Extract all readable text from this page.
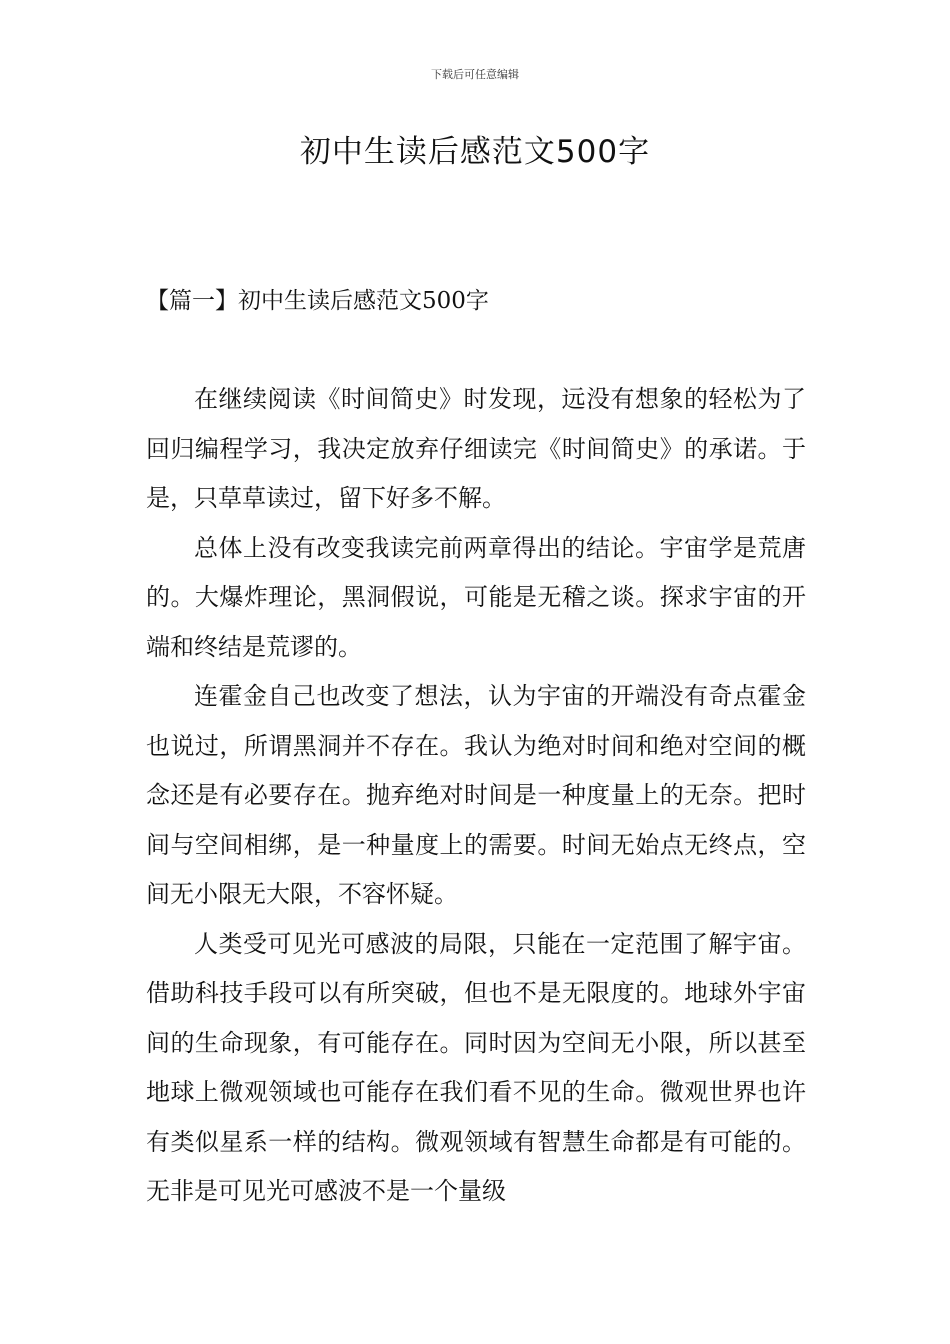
下载后可任意编辑
初中生读后感范文500字
【篇一】初中生读后感范文500字

在继续阅读《时间简史》时发现，远没有想象的轻松为了回归编程学习，我决定放弃仔细读完《时间简史》的承诺。于是，只草草读过，留下好多不解。

总体上没有改变我读完前两章得出的结论。宇宙学是荒唐的。大爆炸理论，黑洞假说，可能是无稽之谈。探求宇宙的开端和终结是荒谬的。

连霍金自己也改变了想法，认为宇宙的开端没有奇点霍金也说过，所谓黑洞并不存在。我认为绝对时间和绝对空间的概念还是有必要存在。抛弃绝对时间是一种度量上的无奈。把时间与空间相绑，是一种量度上的需要。时间无始点无终点，空间无小限无大限，不容怀疑。

人类受可见光可感波的局限，只能在一定范围了解宇宙。借助科技手段可以有所突破，但也不是无限度的。地球外宇宙间的生命现象，有可能存在。同时因为空间无小限，所以甚至地球上微观领域也可能存在我们看不见的生命。微观世界也许有类似星系一样的结构。微观领域有智慧生命都是有可能的。无非是可见光可感波不是一个量级
